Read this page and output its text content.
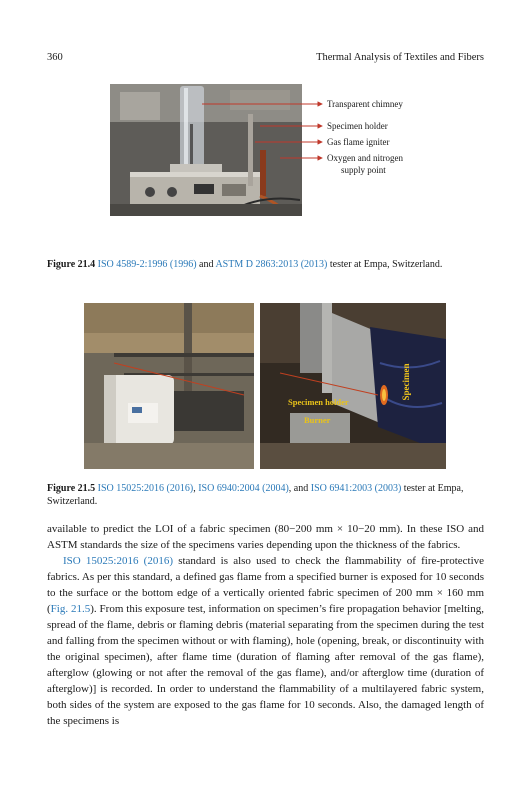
360	Thermal Analysis of Textiles and Fibers
Transparent chimney
Specimen holder
Gas flame igniter
Oxygen and nitrogen
supply point
Figure 21.4 ISO 4589-2:1996 (1996) and ASTM D 2863:2013 (2013) tester at Empa, Switzerland.
Specimen holder
Burner
Specimen
Figure 21.5 ISO 15025:2016 (2016), ISO 6940:2004 (2004), and ISO 6941:2003 (2003) tester at Empa, Switzerland.

available to predict the LOI of a fabric specimen (80−200 mm × 10−20 mm). In these ISO and ASTM standards the size of the specimens varies depending upon the thickness of the fabrics.

ISO 15025:2016 (2016) standard is also used to check the flammability of fire-protective fabrics. As per this standard, a defined gas flame from a specified burner is exposed for 10 seconds to the surface or the bottom edge of a vertically oriented fabric specimen of 200 mm × 160 mm (Fig. 21.5). From this exposure test, information on specimen’s fire propagation behavior [melting, spread of the flame, debris or flaming debris (material separating from the specimen during the test and falling from the specimen without or with flaming), hole (opening, break, or discontinuity with the original specimen), after flame time (duration of flaming after removal of the gas flame), afterglow (glowing or not after the removal of the gas flame), and/or afterglow time (duration of afterglow)] is recorded. In order to understand the flammability of a multilayered fabric system, both sides of the system are exposed to the gas flame for 10 seconds. Also, the damaged length of the specimens is
